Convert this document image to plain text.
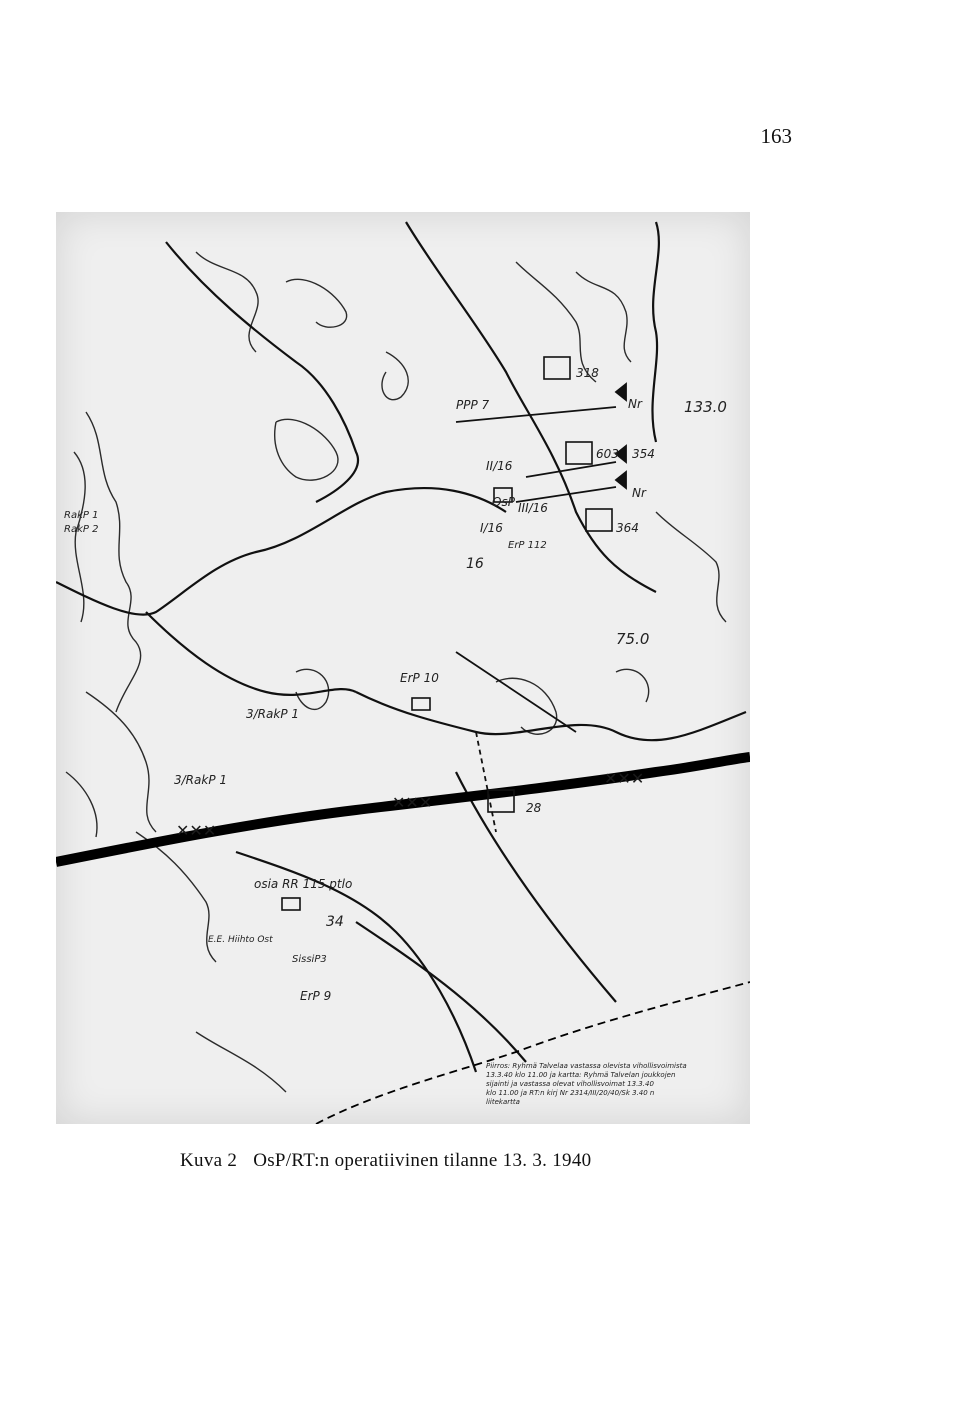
163
✕✕✕
✕✕✕
✕✕✕
PPP 7
318
133.0
Nr
603 354
II/16
III/16
Nr
OsP
I/16	364
ErP 112
16
RakP 1
RakP 2
75.0
ErP 10
3/RakP 1
3/RakP 1
28
osia RR 115 ptlo
34
E.E. Hiihto Ost
SissiP3
ErP 9
Piirros: Ryhmä Talvelaa vastassa olevista vihollisvoimista
13.3.40 klo 11.00 ja kartta: Ryhmä Talvelan joukkojen
sijainti ja vastassa olevat vihollisvoimat 13.3.40
klo 11.00 ja RT:n kirj Nr 2314/III/20/40/Sk 3.40 n
liitekartta
Kuva 2 OsP/RT:n operatiivinen tilanne 13. 3. 1940
